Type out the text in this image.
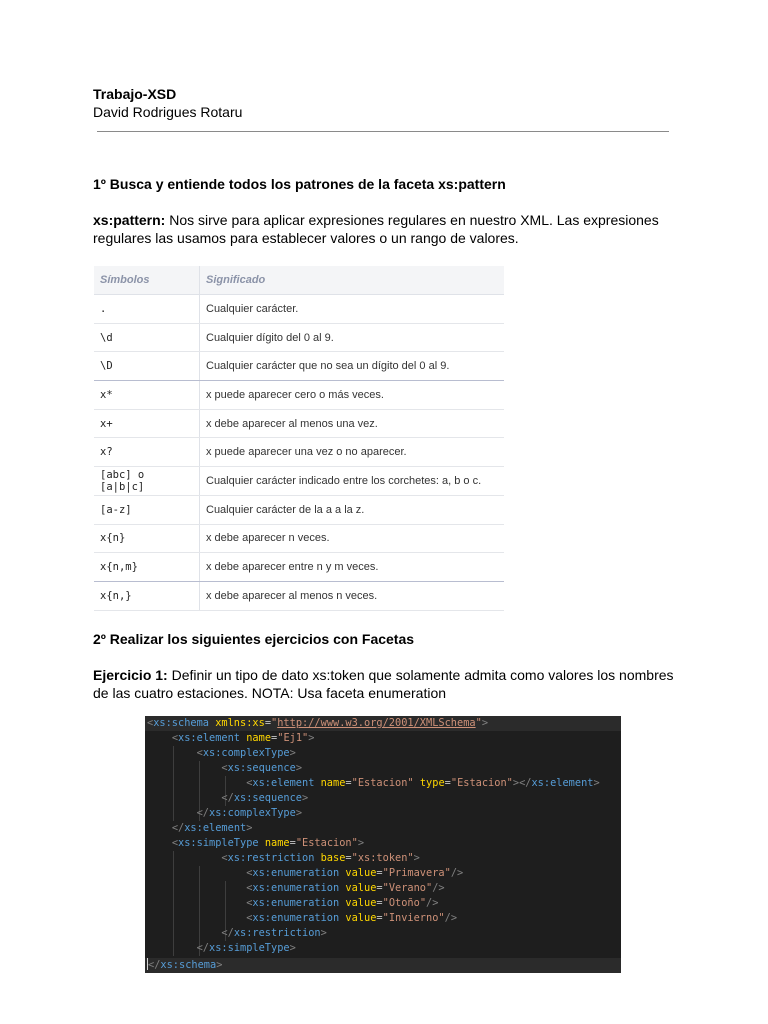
Trabajo-XSD
David Rodrigues Rotaru
1º Busca y entiende todos los patrones de la faceta xs:pattern
xs:pattern: Nos sirve para aplicar expresiones regulares en nuestro XML. Las expresiones regulares las usamos para establecer valores o un rango de valores.
Símbolos	Significado
.	Cualquier carácter.
\d	Cualquier dígito del 0 al 9.
\D	Cualquier carácter que no sea un dígito del 0 al 9.
x*	x puede aparecer cero o más veces.
x+	x debe aparecer al menos una vez.
x?	x puede aparecer una vez o no aparecer.
[abc] o [a|b|c]	Cualquier carácter indicado entre los corchetes: a, b o c.
[a-z]	Cualquier carácter de la a a la z.
x{n}	x debe aparecer n veces.
x{n,m}	x debe aparecer entre n y m veces.
x{n,}	x debe aparecer al menos n veces.
2º Realizar los siguientes ejercicios con Facetas
Ejercicio 1: Definir un tipo de dato xs:token que solamente admita como valores los nombres de las cuatro estaciones. NOTA: Usa faceta enumeration
<xs:schema xmlns:xs="http://www.w3.org/2001/XMLSchema">
<xs:element name="Ej1">
<xs:complexType>
<xs:sequence>
<xs:element name="Estacion" type="Estacion"></xs:element>
</xs:sequence>
</xs:complexType>
</xs:element>
<xs:simpleType name="Estacion">
<xs:restriction base="xs:token">
<xs:enumeration value="Primavera"/>
<xs:enumeration value="Verano"/>
<xs:enumeration value="Otoño"/>
<xs:enumeration value="Invierno"/>
</xs:restriction>
</xs:simpleType>
</xs:schema>
